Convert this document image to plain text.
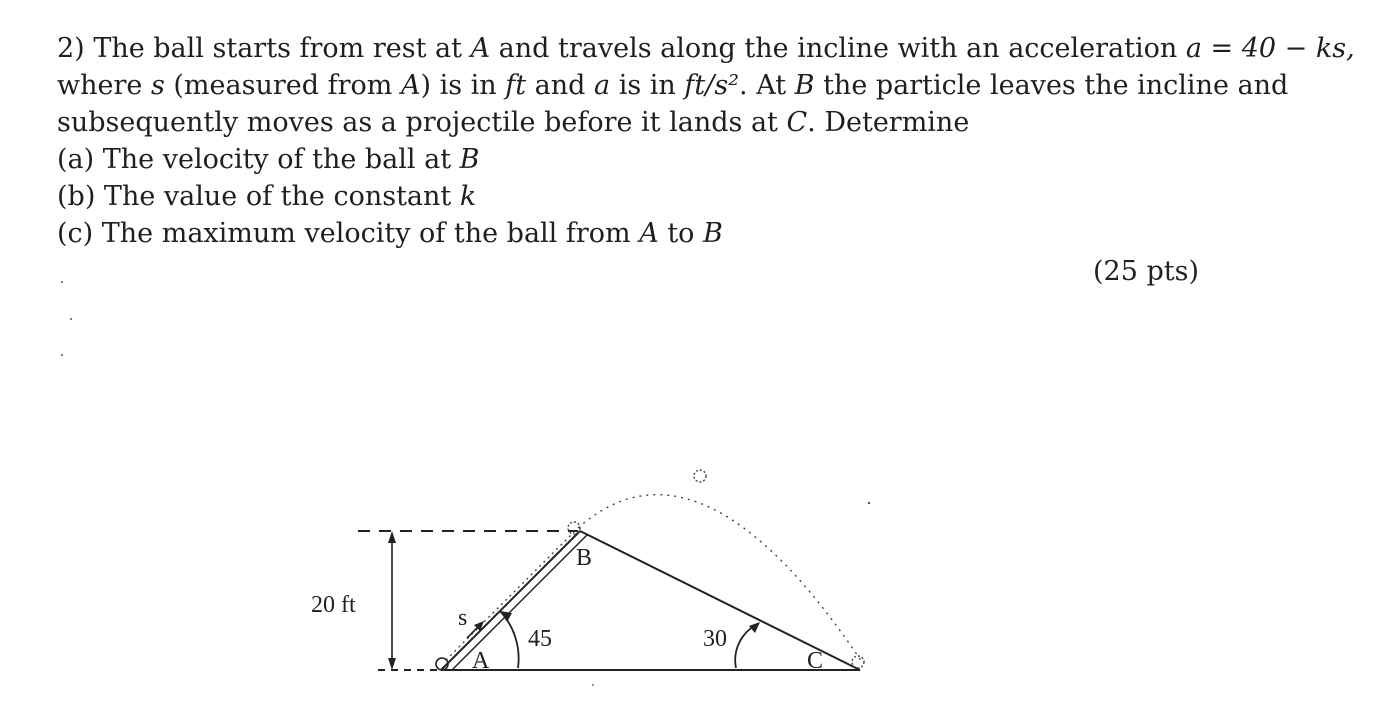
2) The ball starts from rest at A and travels along the incline with an acceleration a = 40 − ks,
where s (measured from A) is in ft and a is in ft/s². At B the particle leaves the incline and
subsequently moves as a projectile before it lands at C. Determine
(a) The velocity of the ball at B
(b) The value of the constant k
(c) The maximum velocity of the ball from A to B
(25 pts)
20 ft	s
45	30
A
B
C
